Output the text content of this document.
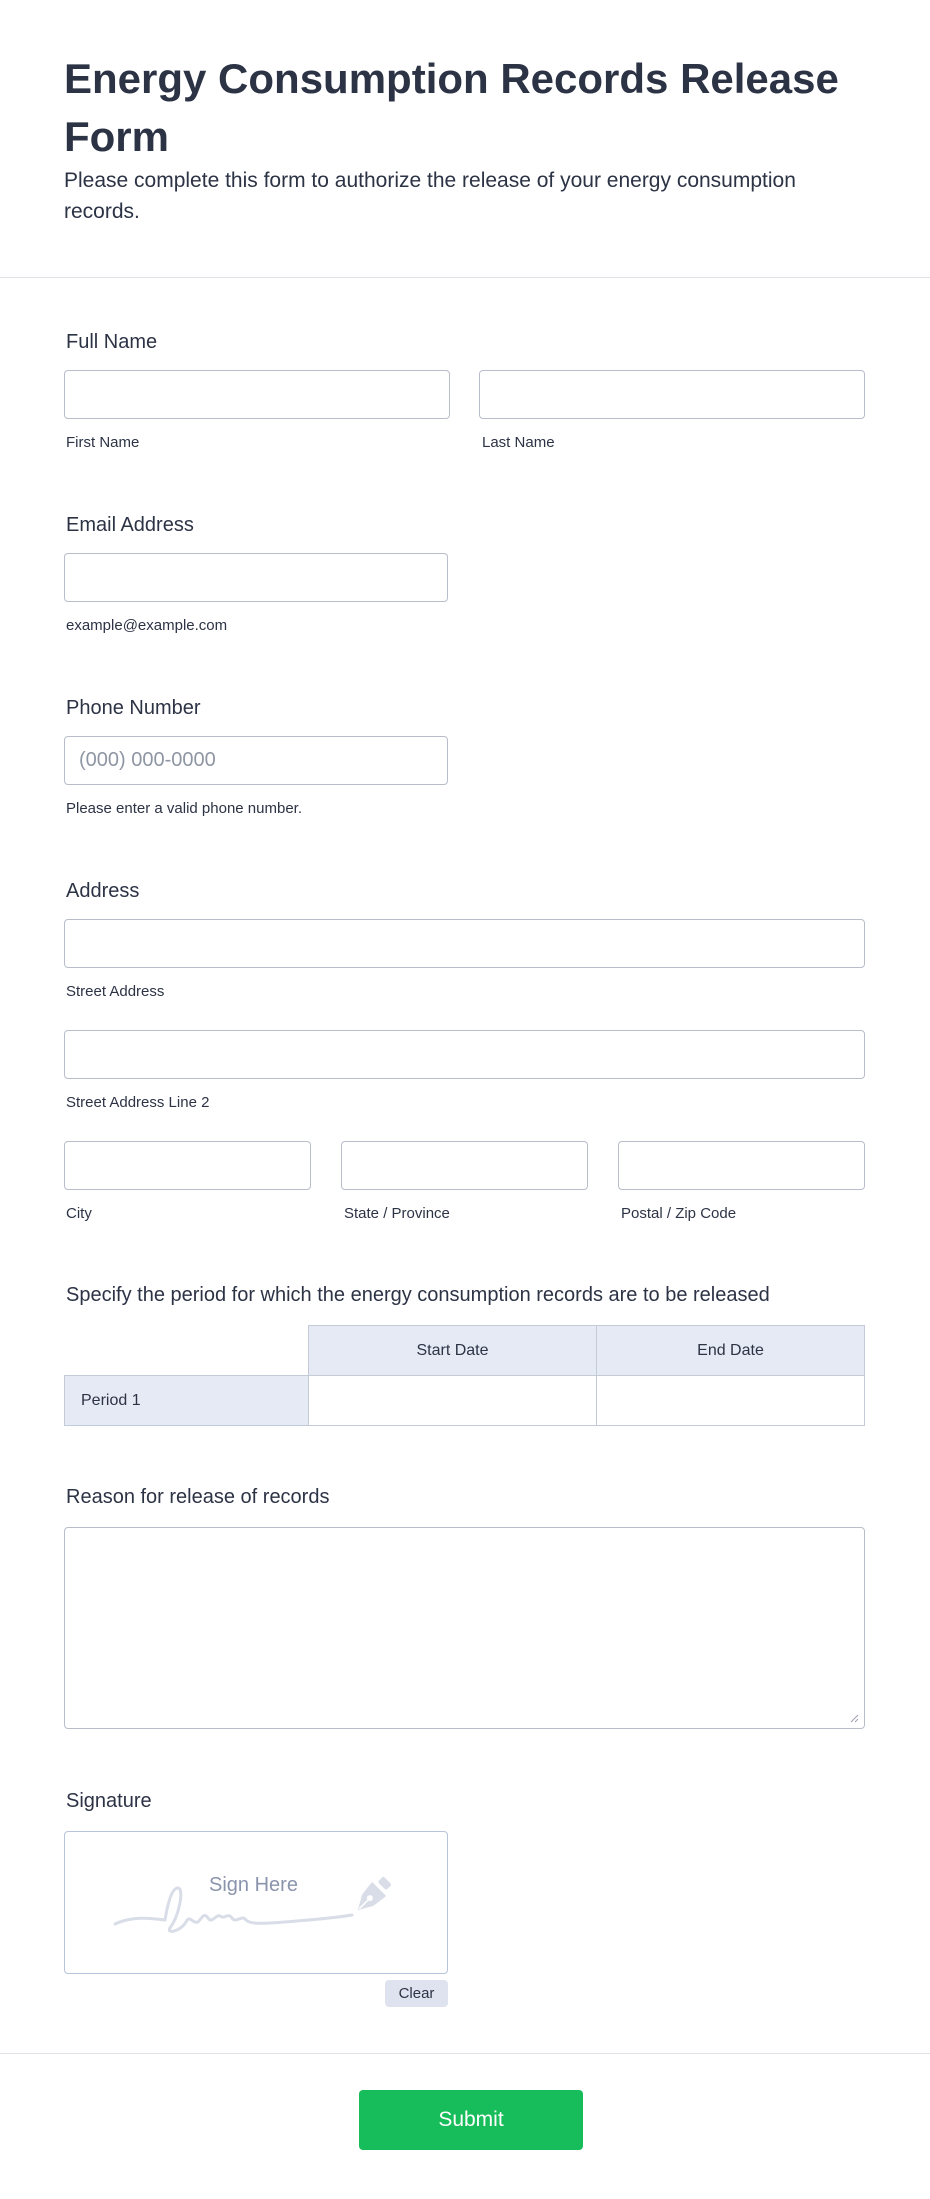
Energy Consumption Records Release Form

Please complete this form to authorize the release of your energy consumption records.

Full Name
First Name	Last Name
Email Address
example@example.com
Phone Number
(000) 000-0000
Please enter a valid phone number.
Address
Street Address
Street Address Line 2
City	State / Province	Postal / Zip Code
Specify the period for which the energy consumption records are to be released
Start Date	End Date
Period 1
Reason for release of records
Signature
Sign Here
Clear
Submit
